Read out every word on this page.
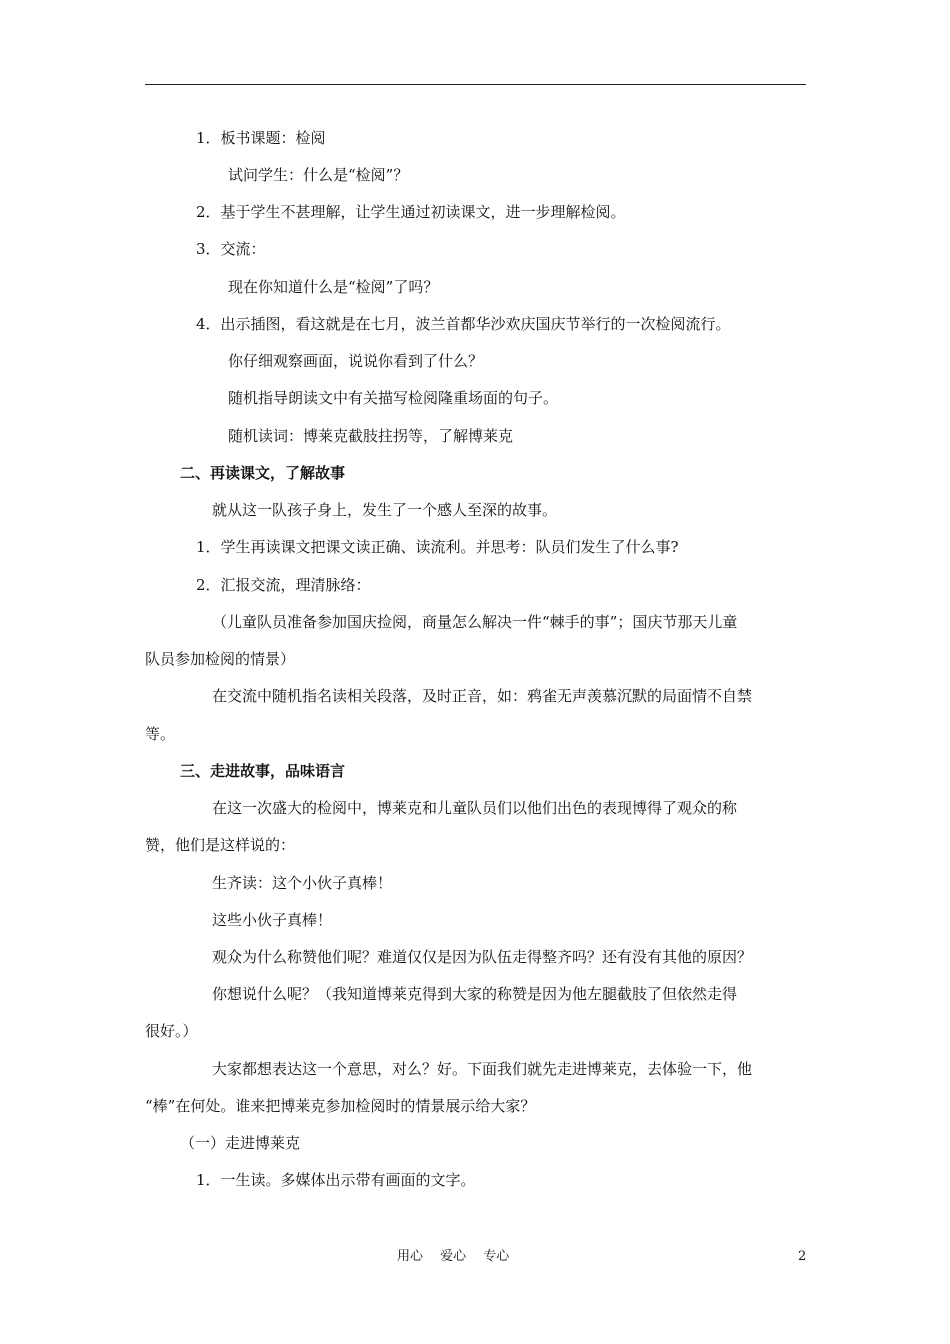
1．板书课题：检阅
试问学生：什么是“检阅”？
2．基于学生不甚理解，让学生通过初读课文，进一步理解检阅。
3．交流：
现在你知道什么是“检阅”了吗？
4．出示插图，看这就是在七月，波兰首都华沙欢庆国庆节举行的一次检阅流行。
你仔细观察画面，说说你看到了什么？
随机指导朗读文中有关描写检阅隆重场面的句子。
随机读词：博莱克截肢拄拐等，了解博莱克
二、再读课文，了解故事
就从这一队孩子身上，发生了一个感人至深的故事。
1．学生再读课文把课文读正确、读流利。并思考：队员们发生了什么事?
2．汇报交流，理清脉络：
（儿童队员准备参加国庆捡阅，商量怎么解决一件“棘手的事”；国庆节那天儿童
队员参加检阅的情景）
在交流中随机指名读相关段落，及时正音，如：鸦雀无声羡慕沉默的局面情不自禁
等。
三、走进故事，品味语言
在这一次盛大的检阅中，博莱克和儿童队员们以他们出色的表现博得了观众的称
赞，他们是这样说的：
生齐读：这个小伙子真棒！
这些小伙子真棒！
观众为什么称赞他们呢？难道仅仅是因为队伍走得整齐吗？还有没有其他的原因？
你想说什么呢？（我知道博莱克得到大家的称赞是因为他左腿截肢了但依然走得
很好。）
大家都想表达这一个意思，对么？好。下面我们就先走进博莱克，去体验一下，他
“棒”在何处。谁来把博莱克参加检阅时的情景展示给大家？
（一）走进博莱克
1．一生读。多媒体出示带有画面的文字。
用心　 爱心　 专心	2
